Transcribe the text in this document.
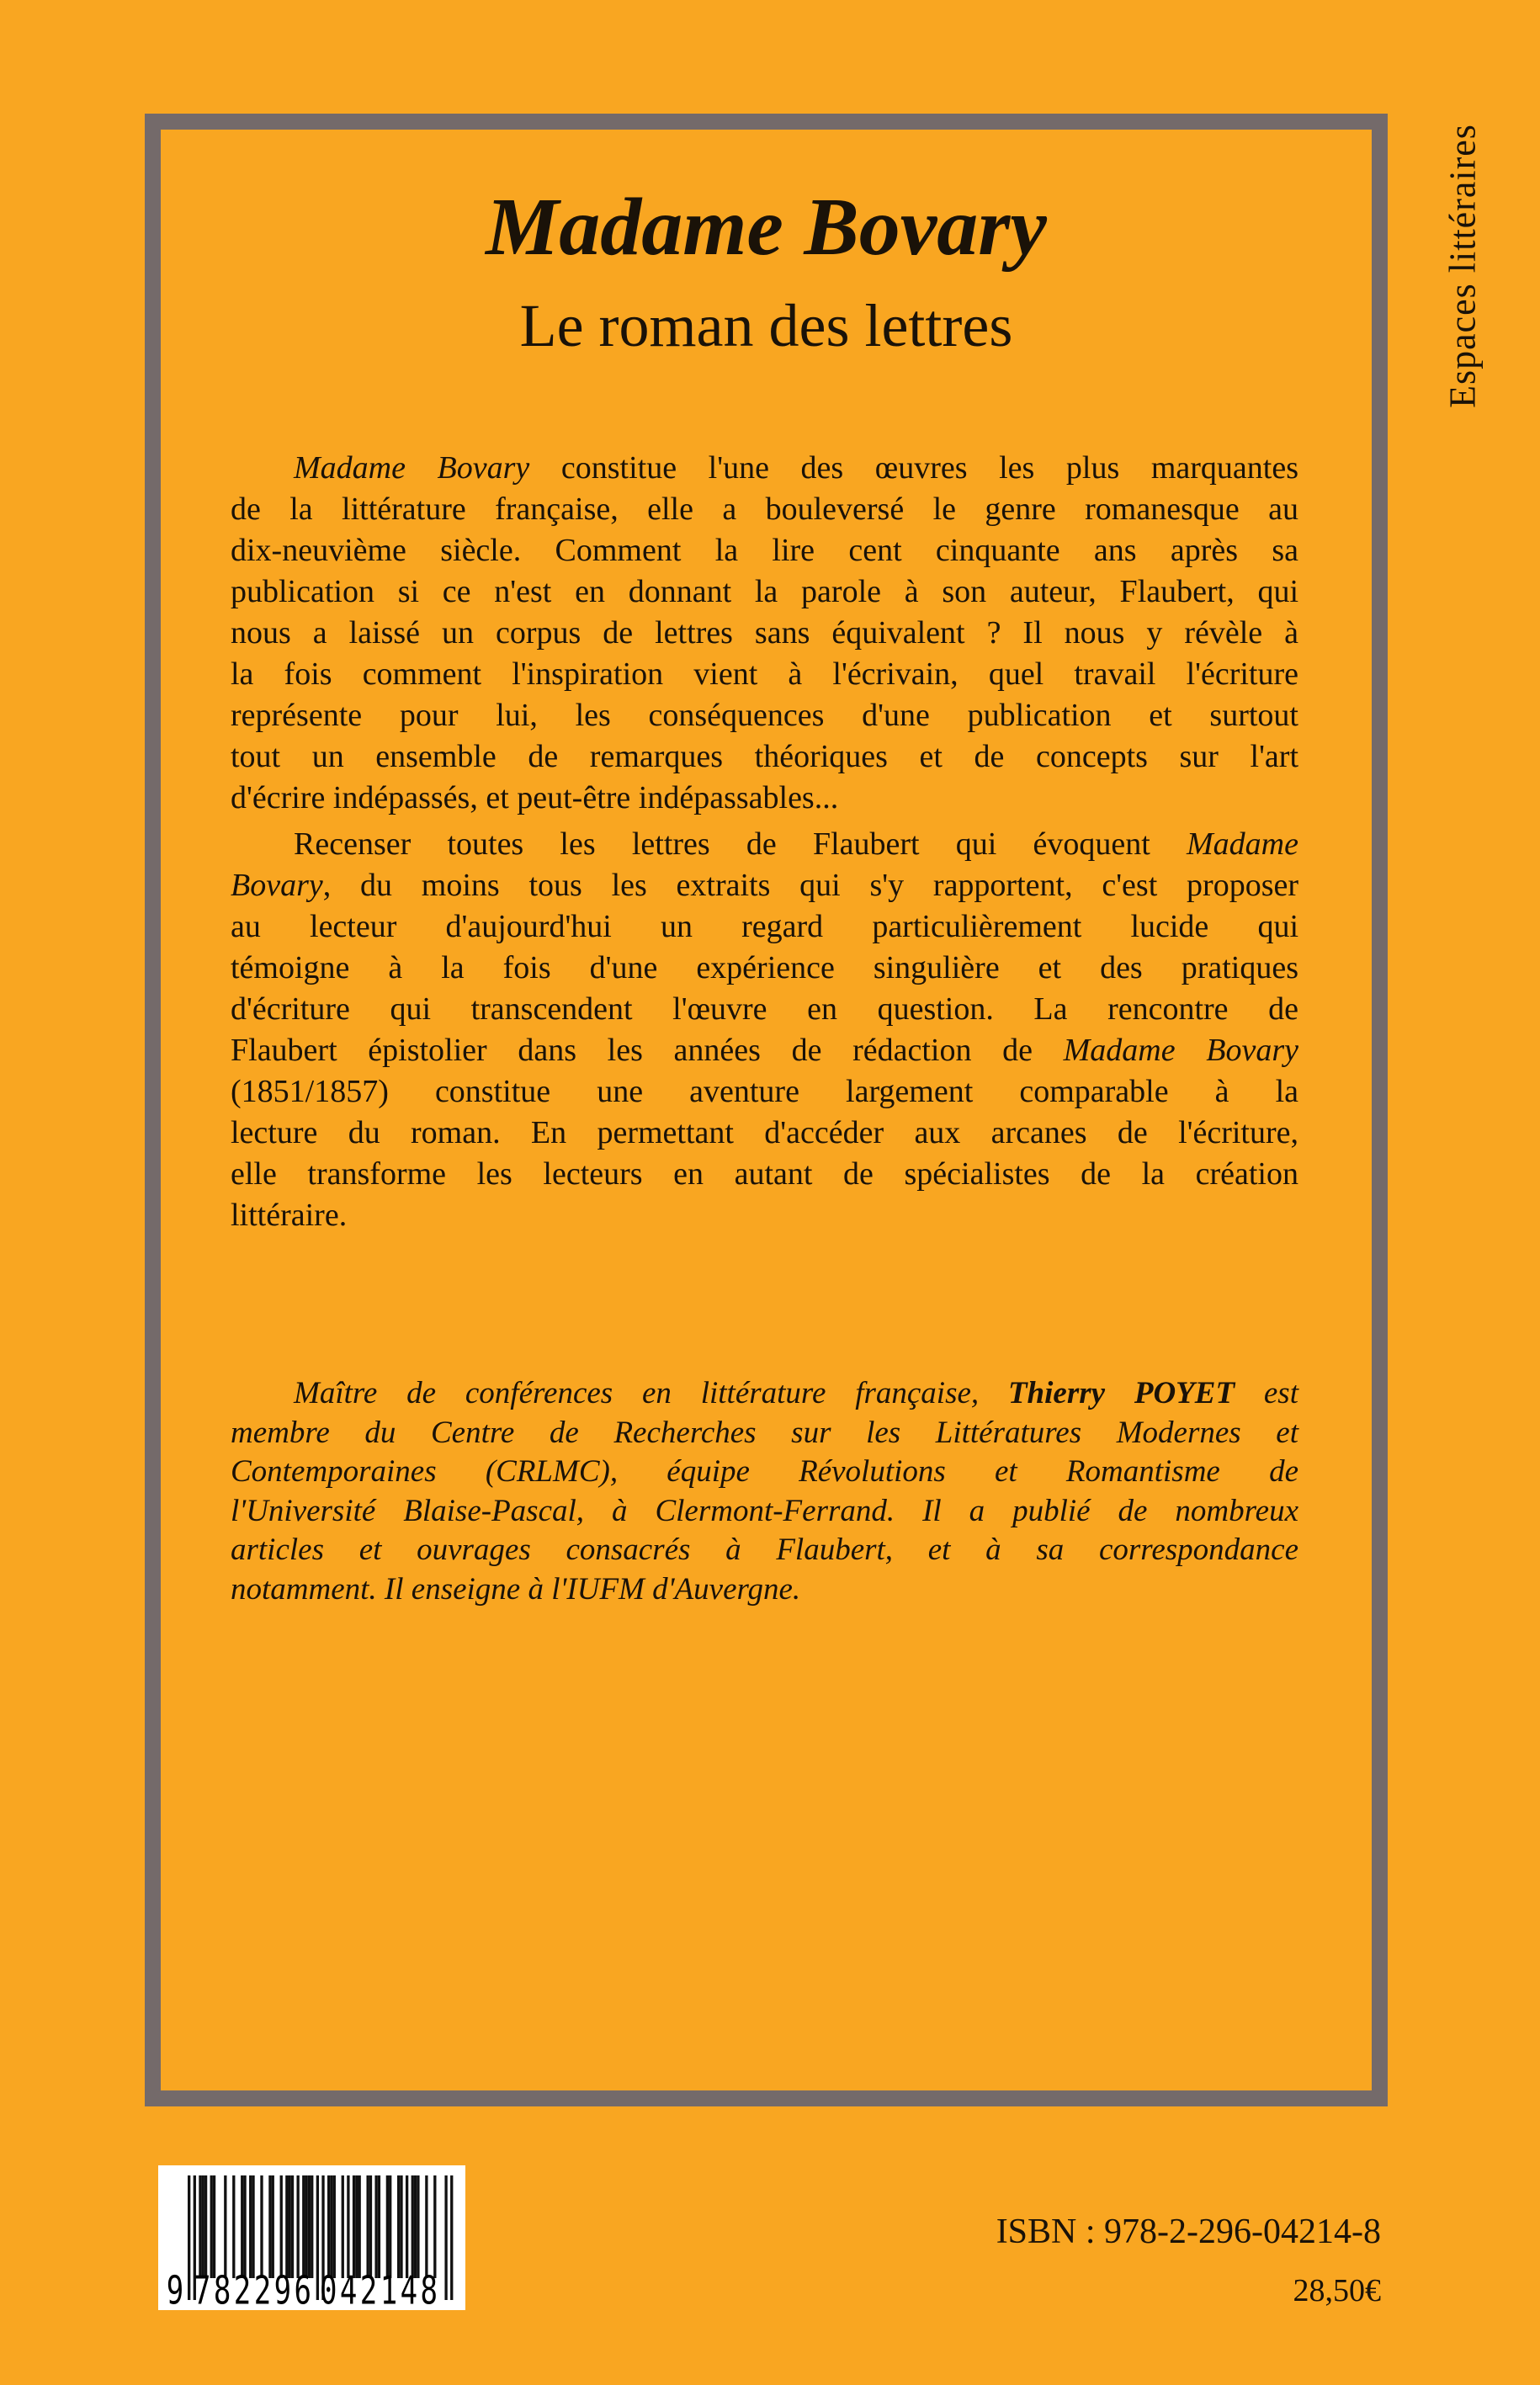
Madame Bovary
Le roman des lettres
Madame Bovary constitue l'une des œuvres les plus marquantes
de la littérature française, elle a bouleversé le genre romanesque au
dix-neuvième siècle. Comment la lire cent cinquante ans après sa
publication si ce n'est en donnant la parole à son auteur, Flaubert, qui
nous a laissé un corpus de lettres sans équivalent ? Il nous y révèle à
la fois comment l'inspiration vient à l'écrivain, quel travail l'écriture
représente pour lui, les conséquences d'une publication et surtout
tout un ensemble de remarques théoriques et de concepts sur l'art
d'écrire indépassés, et peut-être indépassables...
Recenser toutes les lettres de Flaubert qui évoquent Madame
Bovary, du moins tous les extraits qui s'y rapportent, c'est proposer
au lecteur d'aujourd'hui un regard particulièrement lucide qui
témoigne à la fois d'une expérience singulière et des pratiques
d'écriture qui transcendent l'œuvre en question. La rencontre de
Flaubert épistolier dans les années de rédaction de Madame Bovary
(1851/1857) constitue une aventure largement comparable à la
lecture du roman. En permettant d'accéder aux arcanes de l'écriture,
elle transforme les lecteurs en autant de spécialistes de la création
littéraire.
Maître de conférences en littérature française, Thierry POYET est
membre du Centre de Recherches sur les Littératures Modernes et
Contemporaines (CRLMC), équipe Révolutions et Romantisme de
l'Université Blaise-Pascal, à Clermont-Ferrand. Il a publié de nombreux
articles et ouvrages consacrés à Flaubert, et à sa correspondance
notamment. Il enseigne à l'IUFM d'Auvergne.
Espaces littéraires
9 782296 042148
ISBN : 978-2-296-04214-8
28,50€
